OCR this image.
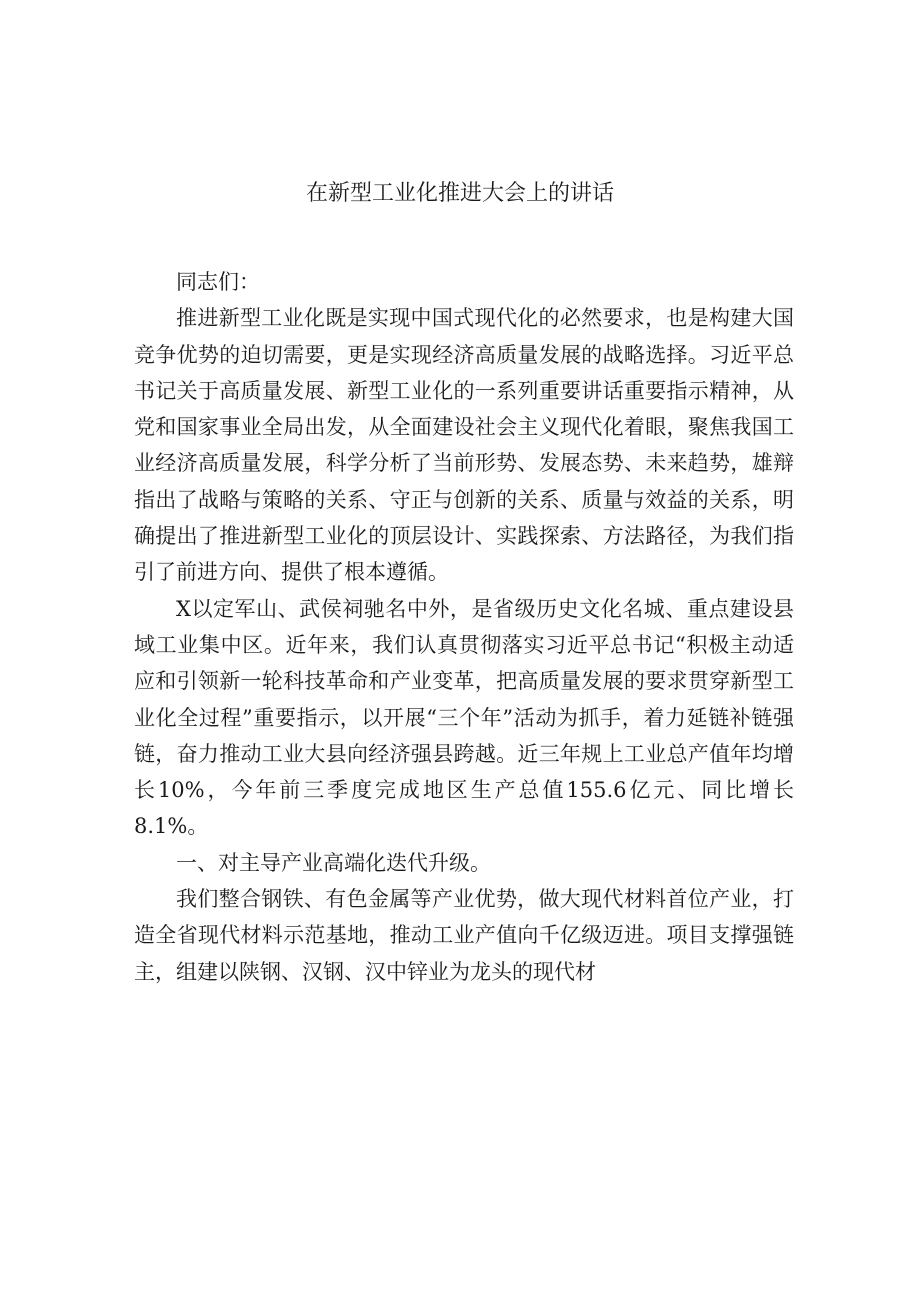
在新型工业化推进大会上的讲话

同志们：

推进新型工业化既是实现中国式现代化的必然要求，也是构建大国竞争优势的迫切需要，更是实现经济高质量发展的战略选择。习近平总书记关于高质量发展、新型工业化的一系列重要讲话重要指示精神，从党和国家事业全局出发，从全面建设社会主义现代化着眼，聚焦我国工业经济高质量发展，科学分析了当前形势、发展态势、未来趋势，雄辩指出了战略与策略的关系、守正与创新的关系、质量与效益的关系，明确提出了推进新型工业化的顶层设计、实践探索、方法路径，为我们指引了前进方向、提供了根本遵循。

X以定军山、武侯祠驰名中外，是省级历史文化名城、重点建设县域工业集中区。近年来，我们认真贯彻落实习近平总书记“积极主动适应和引领新一轮科技革命和产业变革，把高质量发展的要求贯穿新型工业化全过程”重要指示，以开展“三个年”活动为抓手，着力延链补链强链，奋力推动工业大县向经济强县跨越。近三年规上工业总产值年均增长10%，今年前三季度完成地区生产总值155.6亿元、同比增长8.1%。

一、对主导产业高端化迭代升级。

我们整合钢铁、有色金属等产业优势，做大现代材料首位产业，打造全省现代材料示范基地，推动工业产值向千亿级迈进。项目支撑强链主，组建以陕钢、汉钢、汉中锌业为龙头的现代材
